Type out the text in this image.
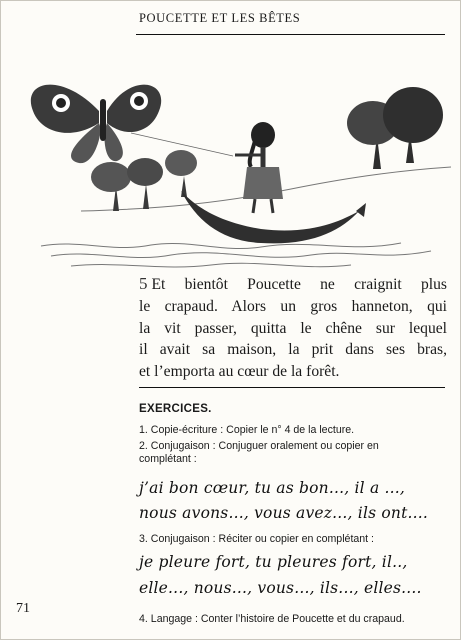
POUCETTE ET LES BÊTES
5 Et bientôt Poucette ne craignit plus
le crapaud. Alors un gros hanneton, qui
la vit passer, quitta le chêne sur lequel
il avait sa maison, la prit dans ses bras,
et l’emporta au cœur de la forêt.
EXERCICES.
1. Copie-écriture : Copier le n° 4 de la lecture.
2. Conjugaison : Conjuguer oralement ou copier en
complétant :
j’ai bon cœur, tu as bon..., il a ...,
nous avons..., vous avez..., ils ont....
3. Conjugaison : Réciter ou copier en complétant :
je pleure fort, tu pleures fort, il..,
elle..., nous..., vous..., ils..., elles....
4. Langage : Conter l’histoire de Poucette et du crapaud.
71
